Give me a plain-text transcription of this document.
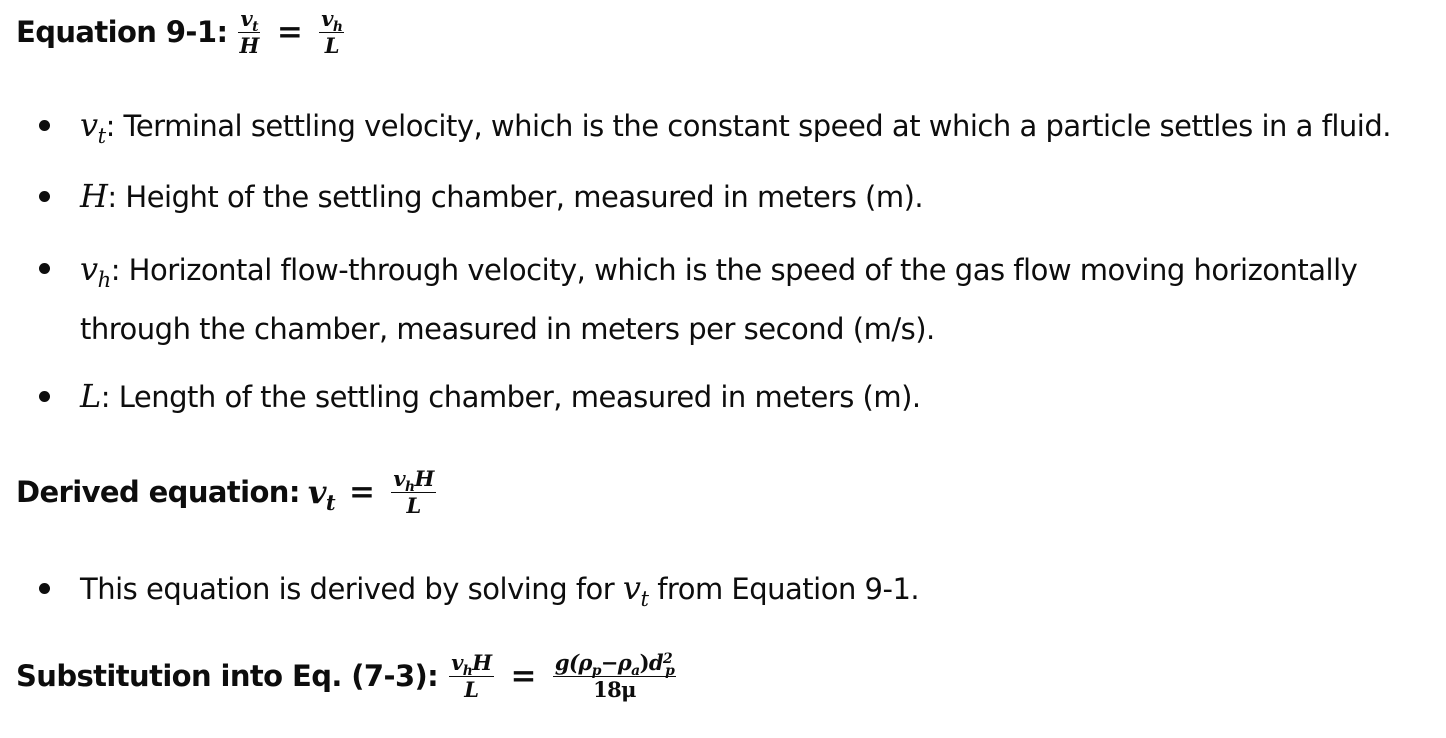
Equation 9-1: $\frac{v_t}{H} = \frac{v_h}{L}$
$v_t$: Terminal settling velocity, which is the constant speed at which a particle settles in a fluid.
H: Height of the settling chamber, measured in meters (m).
$v_h$: Horizontal flow-through velocity, which is the speed of the gas flow moving horizontally through the chamber, measured in meters per second (m/s).
L: Length of the settling chamber, measured in meters (m).
Derived equation: $v_t = \frac{v_hH}{L}$
This equation is derived by solving for $v_t$ from Equation 9-1.
Substitution into Eq. (7-3): $\frac{v_hH}{L} = \frac{g(\rho_p-\rho_a)d^2_p}{18\mu}$
